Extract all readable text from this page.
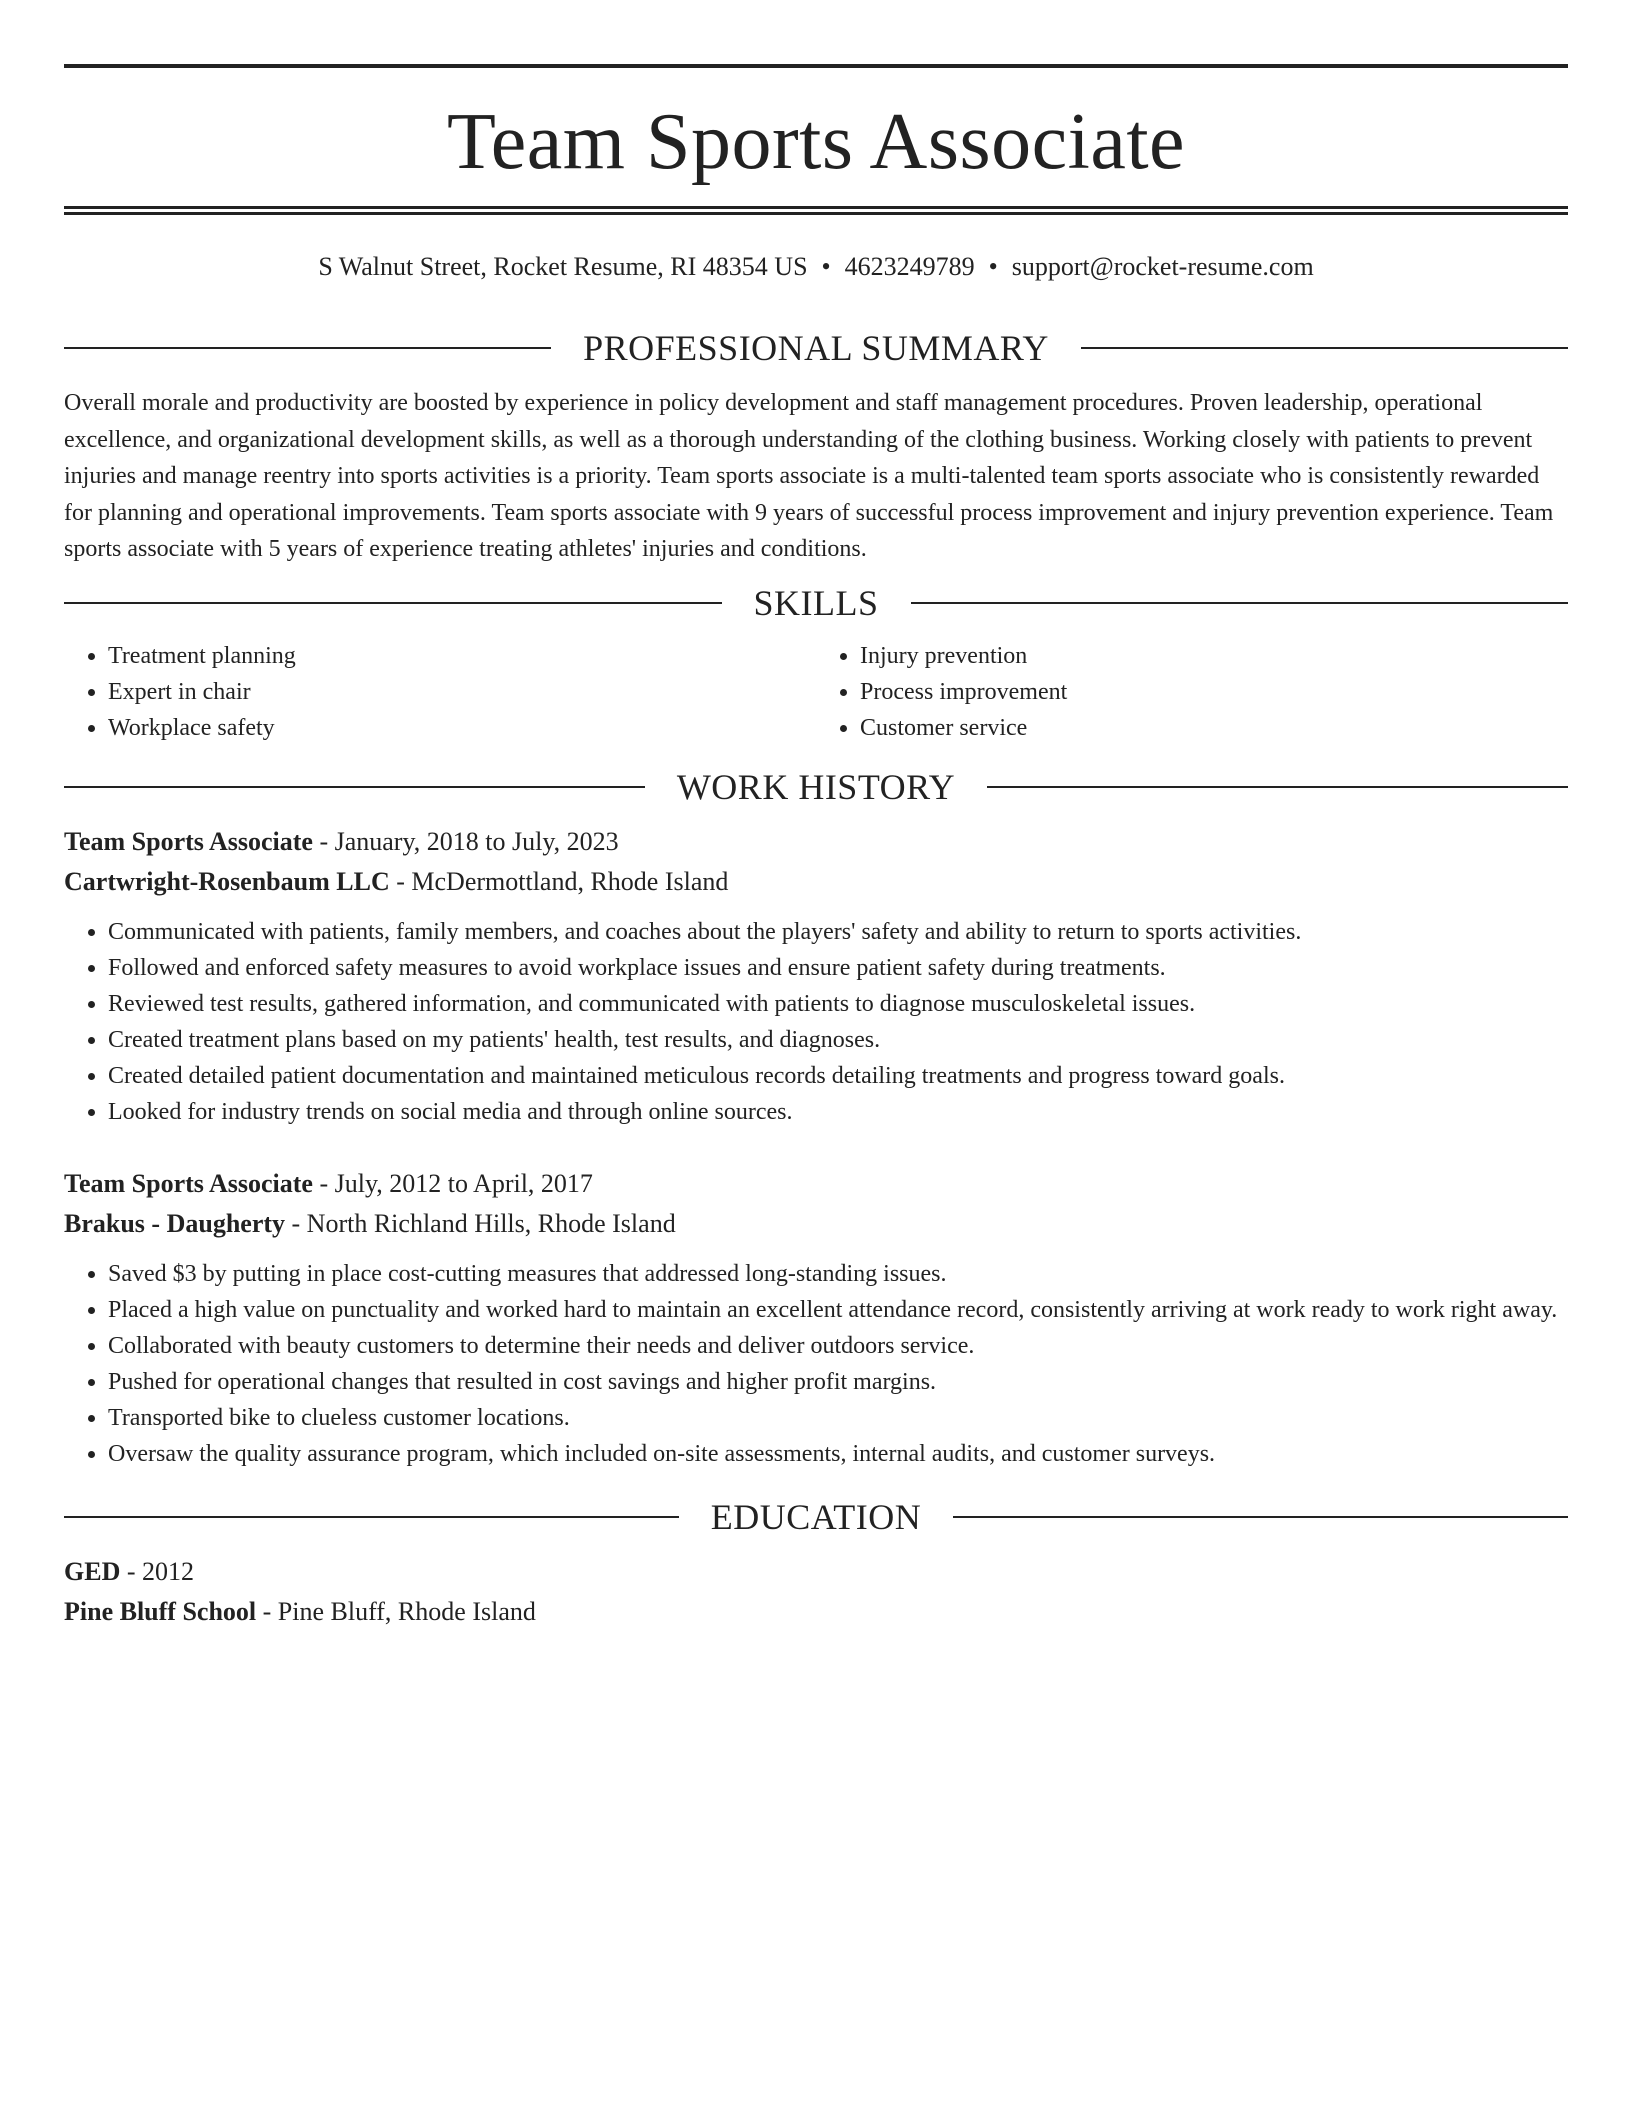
Team Sports Associate
S Walnut Street, Rocket Resume, RI 48354 US • 4623249789 • support@rocket-resume.com
PROFESSIONAL SUMMARY

Overall morale and productivity are boosted by experience in policy development and staff management procedures. Proven leadership, operational excellence, and organizational development skills, as well as a thorough understanding of the clothing business. Working closely with patients to prevent injuries and manage reentry into sports activities is a priority. Team sports associate is a multi-talented team sports associate who is consistently rewarded for planning and operational improvements. Team sports associate with 9 years of successful process improvement and injury prevention experience. Team sports associate with 5 years of experience treating athletes' injuries and conditions.

SKILLS
• Treatment planning
• Expert in chair
• Workplace safety
• Injury prevention
• Process improvement
• Customer service
WORK HISTORY
Team Sports Associate - January, 2018 to July, 2023
Cartwright-Rosenbaum LLC - McDermottland, Rhode Island
• Communicated with patients, family members, and coaches about the players' safety and ability to return to sports activities.
• Followed and enforced safety measures to avoid workplace issues and ensure patient safety during treatments.
• Reviewed test results, gathered information, and communicated with patients to diagnose musculoskeletal issues.
• Created treatment plans based on my patients' health, test results, and diagnoses.
• Created detailed patient documentation and maintained meticulous records detailing treatments and progress toward goals.
• Looked for industry trends on social media and through online sources.
Team Sports Associate - July, 2012 to April, 2017
Brakus - Daugherty - North Richland Hills, Rhode Island
• Saved $3 by putting in place cost-cutting measures that addressed long-standing issues.
• Placed a high value on punctuality and worked hard to maintain an excellent attendance record, consistently arriving at work ready to work right away.
• Collaborated with beauty customers to determine their needs and deliver outdoors service.
• Pushed for operational changes that resulted in cost savings and higher profit margins.
• Transported bike to clueless customer locations.
• Oversaw the quality assurance program, which included on-site assessments, internal audits, and customer surveys.
EDUCATION
GED - 2012
Pine Bluff School - Pine Bluff, Rhode Island
